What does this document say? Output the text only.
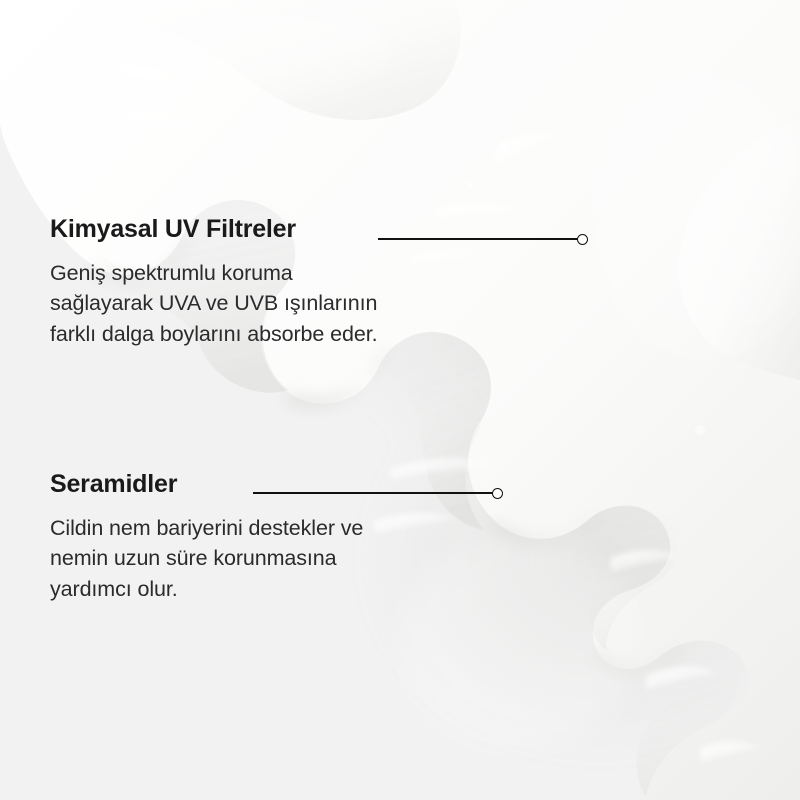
Kimyasal UV Filtreler

Geniş spektrumlu koruma sağlayarak UVA ve UVB ışınlarının farklı dalga boylarını absorbe eder.

Seramidler

Cildin nem bariyerini destekler ve nemin uzun süre korunmasına yardımcı olur.
